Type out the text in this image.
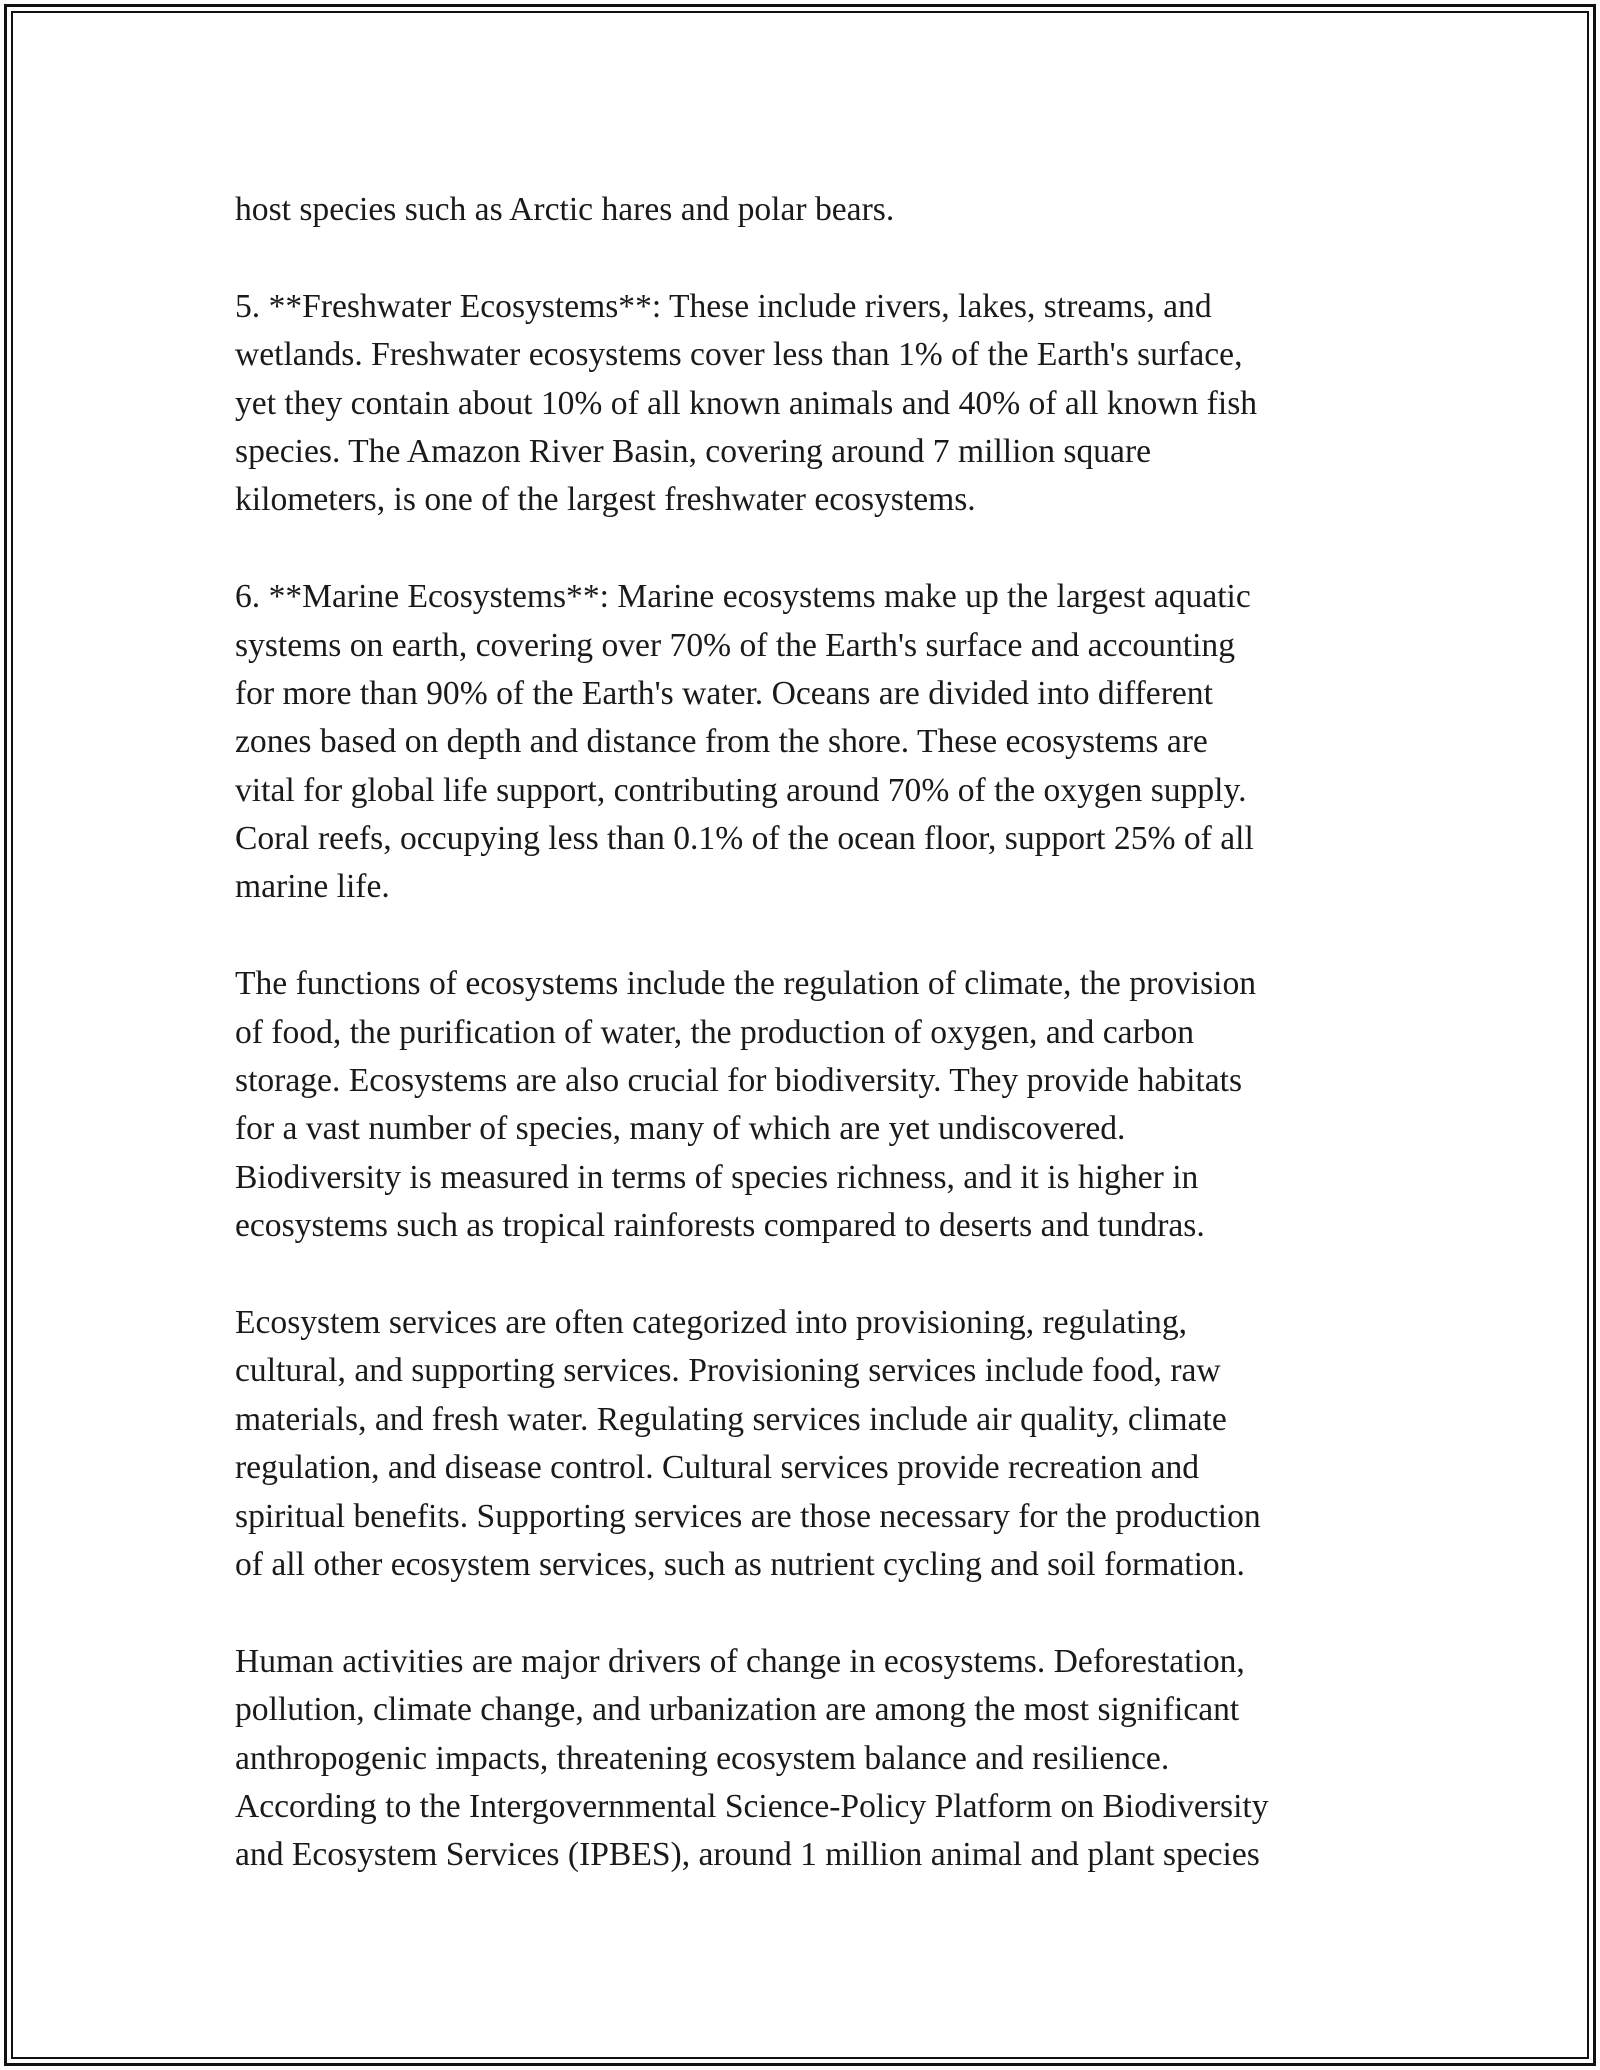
host species such as Arctic hares and polar bears.
5. **Freshwater Ecosystems**: These include rivers, lakes, streams, and
wetlands. Freshwater ecosystems cover less than 1% of the Earth's surface,
yet they contain about 10% of all known animals and 40% of all known fish
species. The Amazon River Basin, covering around 7 million square
kilometers, is one of the largest freshwater ecosystems.
6. **Marine Ecosystems**: Marine ecosystems make up the largest aquatic
systems on earth, covering over 70% of the Earth's surface and accounting
for more than 90% of the Earth's water. Oceans are divided into different
zones based on depth and distance from the shore. These ecosystems are
vital for global life support, contributing around 70% of the oxygen supply.
Coral reefs, occupying less than 0.1% of the ocean floor, support 25% of all
marine life.
The functions of ecosystems include the regulation of climate, the provision
of food, the purification of water, the production of oxygen, and carbon
storage. Ecosystems are also crucial for biodiversity. They provide habitats
for a vast number of species, many of which are yet undiscovered.
Biodiversity is measured in terms of species richness, and it is higher in
ecosystems such as tropical rainforests compared to deserts and tundras.
Ecosystem services are often categorized into provisioning, regulating,
cultural, and supporting services. Provisioning services include food, raw
materials, and fresh water. Regulating services include air quality, climate
regulation, and disease control. Cultural services provide recreation and
spiritual benefits. Supporting services are those necessary for the production
of all other ecosystem services, such as nutrient cycling and soil formation.
Human activities are major drivers of change in ecosystems. Deforestation,
pollution, climate change, and urbanization are among the most significant
anthropogenic impacts, threatening ecosystem balance and resilience.
According to the Intergovernmental Science-Policy Platform on Biodiversity
and Ecosystem Services (IPBES), around 1 million animal and plant species
